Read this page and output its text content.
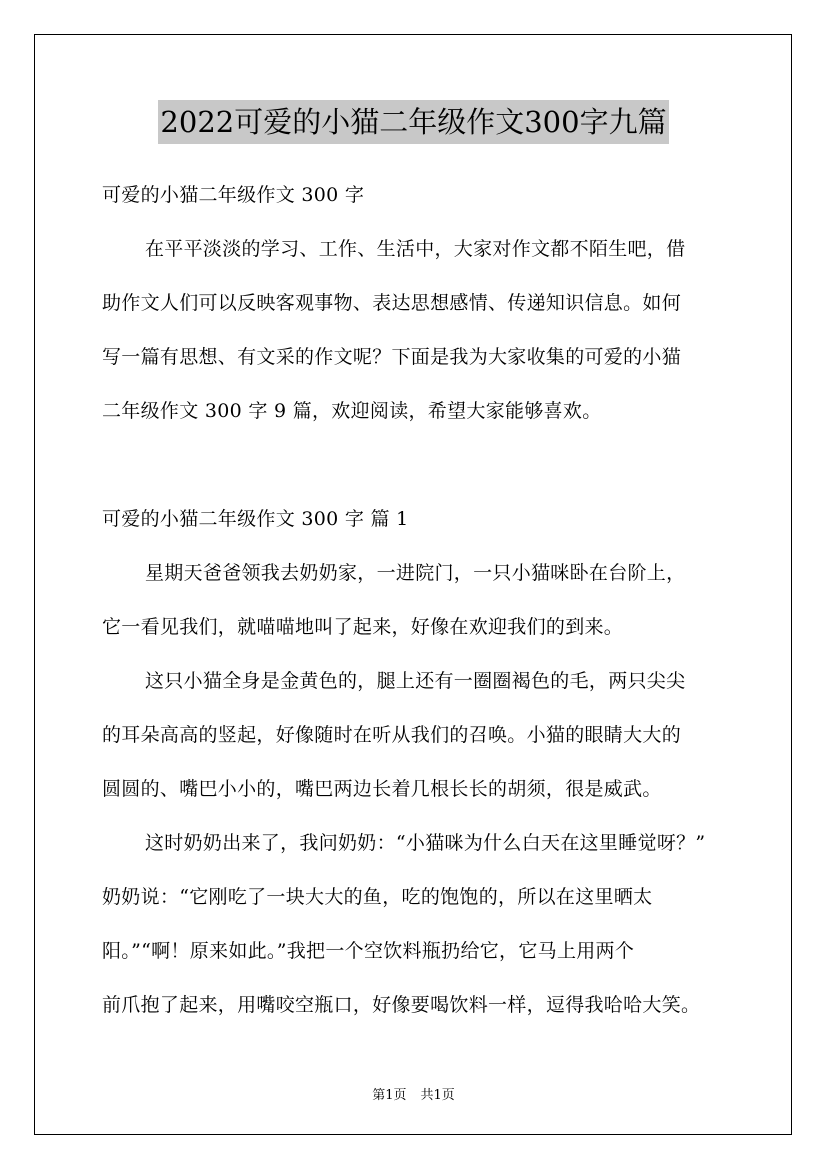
2022可爱的小猫二年级作文300字九篇
可爱的小猫二年级作文 300 字
在平平淡淡的学习、工作、生活中，大家对作文都不陌生吧，借
助作文人们可以反映客观事物、表达思想感情、传递知识信息。如何
写一篇有思想、有文采的作文呢？下面是我为大家收集的可爱的小猫
二年级作文 300 字 9 篇，欢迎阅读，希望大家能够喜欢。
可爱的小猫二年级作文 300 字 篇 1
星期天爸爸领我去奶奶家，一进院门，一只小猫咪卧在台阶上，
它一看见我们，就喵喵地叫了起来，好像在欢迎我们的到来。
这只小猫全身是金黄色的，腿上还有一圈圈褐色的毛，两只尖尖
的耳朵高高的竖起，好像随时在听从我们的召唤。小猫的眼睛大大的
圆圆的、嘴巴小小的，嘴巴两边长着几根长长的胡须，很是威武。
这时奶奶出来了，我问奶奶：“小猫咪为什么白天在这里睡觉呀？”
奶奶说：“它刚吃了一块大大的鱼，吃的饱饱的，所以在这里晒太
阳。”“啊！原来如此。”我把一个空饮料瓶扔给它，它马上用两个
前爪抱了起来，用嘴咬空瓶口，好像要喝饮料一样，逗得我哈哈大笑。
第1页 共1页
